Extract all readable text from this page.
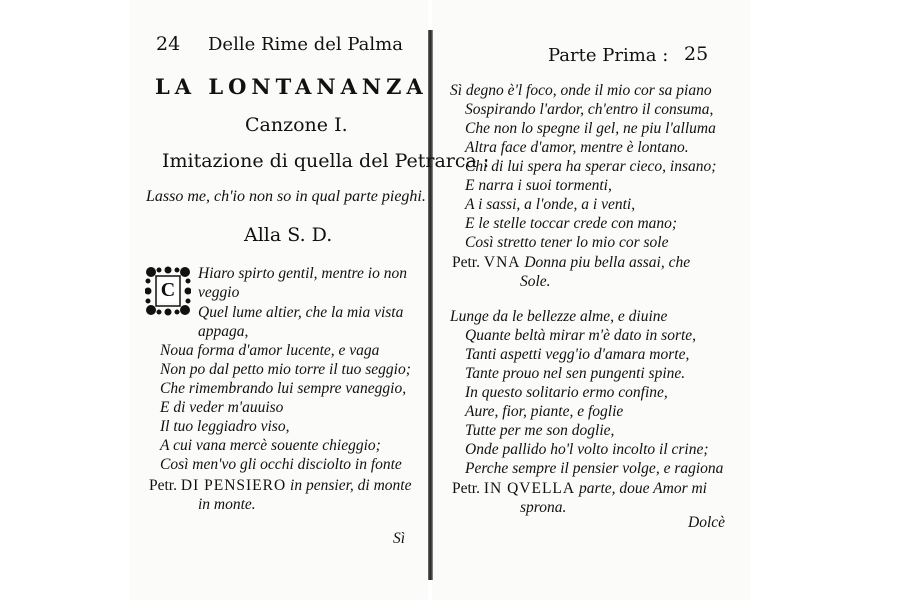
24 Delle Rime del Palma
LA LONTANANZA
Canzone I.
Imitazione di quella del Petrarca :
Lasso me, ch'io non so in qual parte pieghi.
Alla S. D.
C
Hiaro spirto gentil, mentre io non
veggio
Quel lume altier, che la mia vista
appaga,
Noua forma d'amor lucente, e vaga
Non po dal petto mio torre il tuo seggio;
Che rimembrando lui sempre vaneggio,
E di veder m'auuiso
Il tuo leggiadro viso,
A cui vana mercè souente chieggio;
Così men'vo gli occhi disciolto in fonte
Petr. DI PENSIERO in pensier, di monte
in monte.
Sì
Parte Prima : 25
Sì degno è'l foco, onde il mio cor sa piano
Sospirando l'ardor, ch'entro il consuma,
Che non lo spegne il gel, ne piu l'alluma
Altra face d'amor, mentre è lontano.
Chi di lui spera ha sperar cieco, insano;
E narra i suoi tormenti,
A i sassi, a l'onde, a i venti,
E le stelle toccar crede con mano;
Così stretto tener lo mio cor sole
Petr. VNA Donna piu bella assai, che
Sole.
Lunge da le bellezze alme, e diuine
Quante beltà mirar m'è dato in sorte,
Tanti aspetti vegg'io d'amara morte,
Tante prouo nel sen pungenti spine.
In questo solitario ermo confine,
Aure, fior, piante, e foglie
Tutte per me son doglie,
Onde pallido ho'l volto incolto il crine;
Perche sempre il pensier volge, e ragiona
Petr. IN QVELLA parte, doue Amor mi
sprona.
Dolcè
